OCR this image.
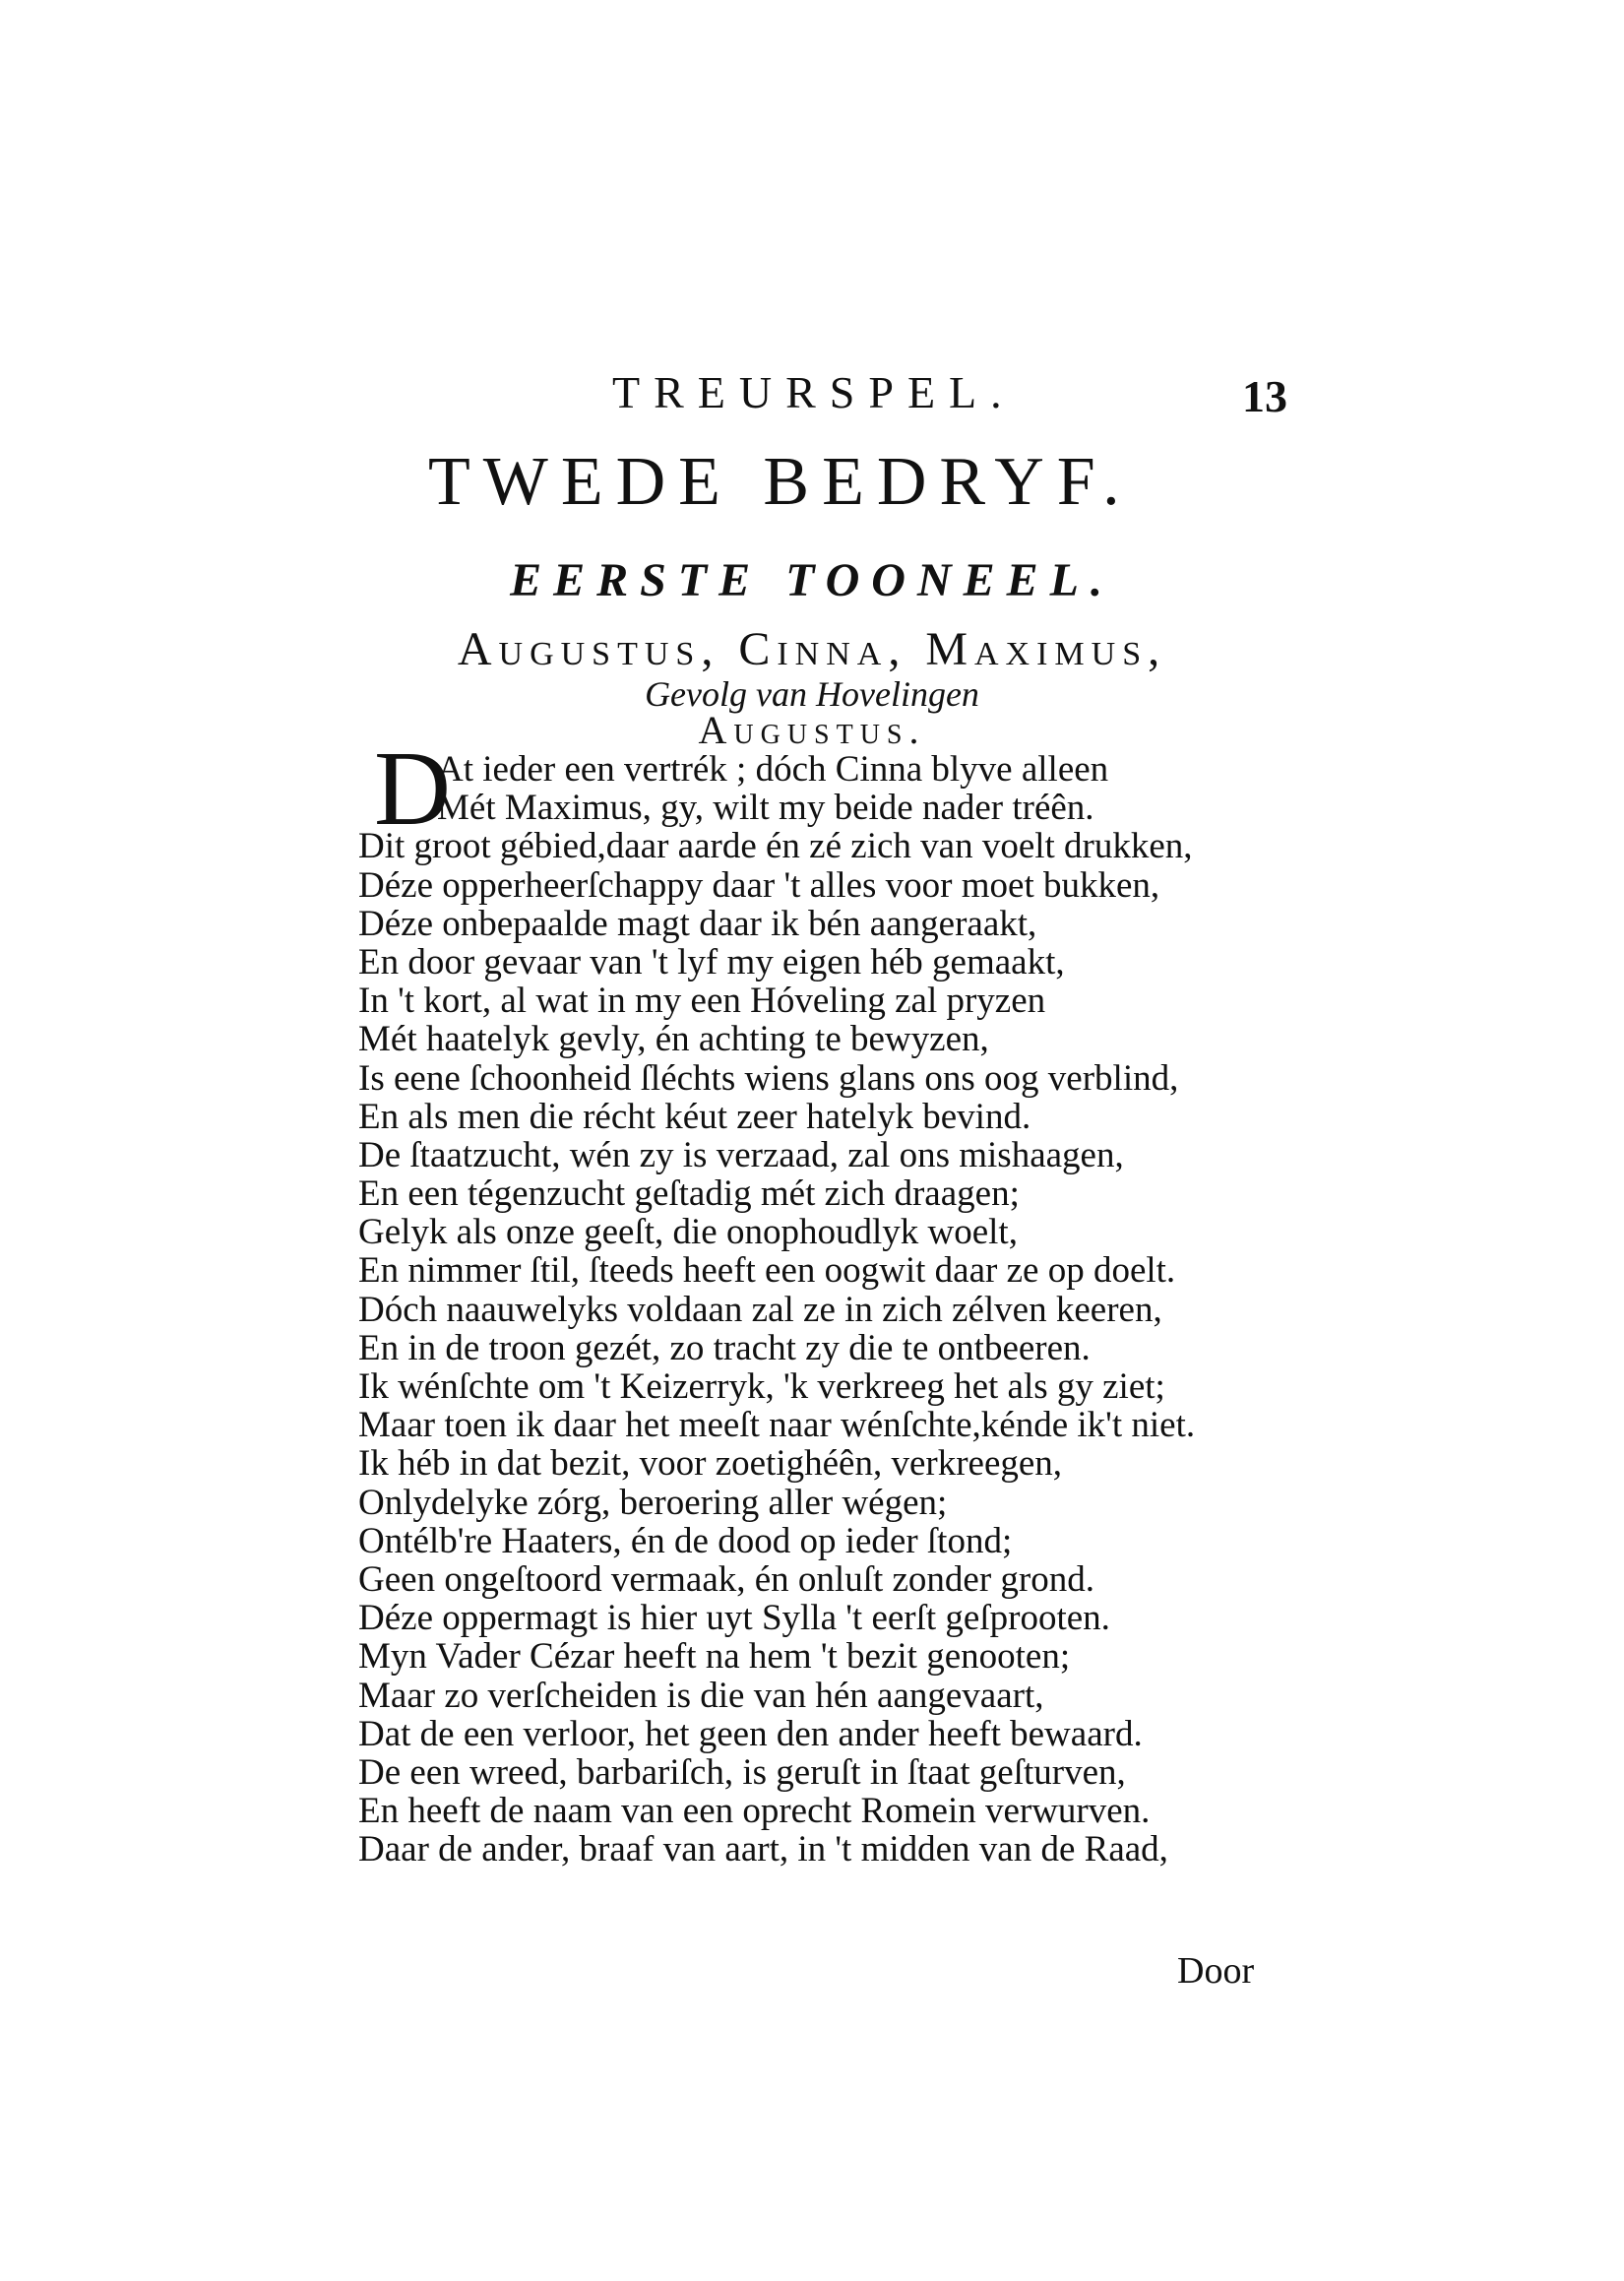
TREURSPEL.	13
TWEDE BEDRYF.
EERSTE TOONEEL.
Augustus, Cinna, Maximus,
Gevolg van Hovelingen
Augustus.
D
At ieder een vertrék ; dóch Cinna blyve alleen
Mét Maximus, gy, wilt my beide nader tréên.
Dit groot gébied,daar aarde én zé zich van voelt drukken,
Déze opperheerſchappy daar 't alles voor moet bukken,
Déze onbepaalde magt daar ik bén aangeraakt,
En door gevaar van 't lyf my eigen héb gemaakt,
In 't kort, al wat in my een Hóveling zal pryzen
Mét haatelyk gevly, én achting te bewyzen,
Is eene ſchoonheid ſléchts wiens glans ons oog verblind,
En als men die récht kéut zeer hatelyk bevind.
De ſtaatzucht, wén zy is verzaad, zal ons mishaagen,
En een tégenzucht geſtadig mét zich draagen;
Gelyk als onze geeſt, die onophoudlyk woelt,
En nimmer ſtil, ſteeds heeft een oogwit daar ze op doelt.
Dóch naauwelyks voldaan zal ze in zich zélven keeren,
En in de troon gezét, zo tracht zy die te ontbeeren.
Ik wénſchte om 't Keizerryk, 'k verkreeg het als gy ziet;
Maar toen ik daar het meeſt naar wénſchte,kénde ik't niet.
Ik héb in dat bezit, voor zoetighéên, verkreegen,
Onlydelyke zórg, beroering aller wégen;
Ontélb're Haaters, én de dood op ieder ſtond;
Geen ongeſtoord vermaak, én onluſt zonder grond.
Déze oppermagt is hier uyt Sylla 't eerſt geſprooten.
Myn Vader Cézar heeft na hem 't bezit genooten;
Maar zo verſcheiden is die van hén aangevaart,
Dat de een verloor, het geen den ander heeft bewaard.
De een wreed, barbariſch, is geruſt in ſtaat geſturven,
En heeft de naam van een oprecht Romein verwurven.
Daar de ander, braaf van aart, in 't midden van de Raad,
Door
